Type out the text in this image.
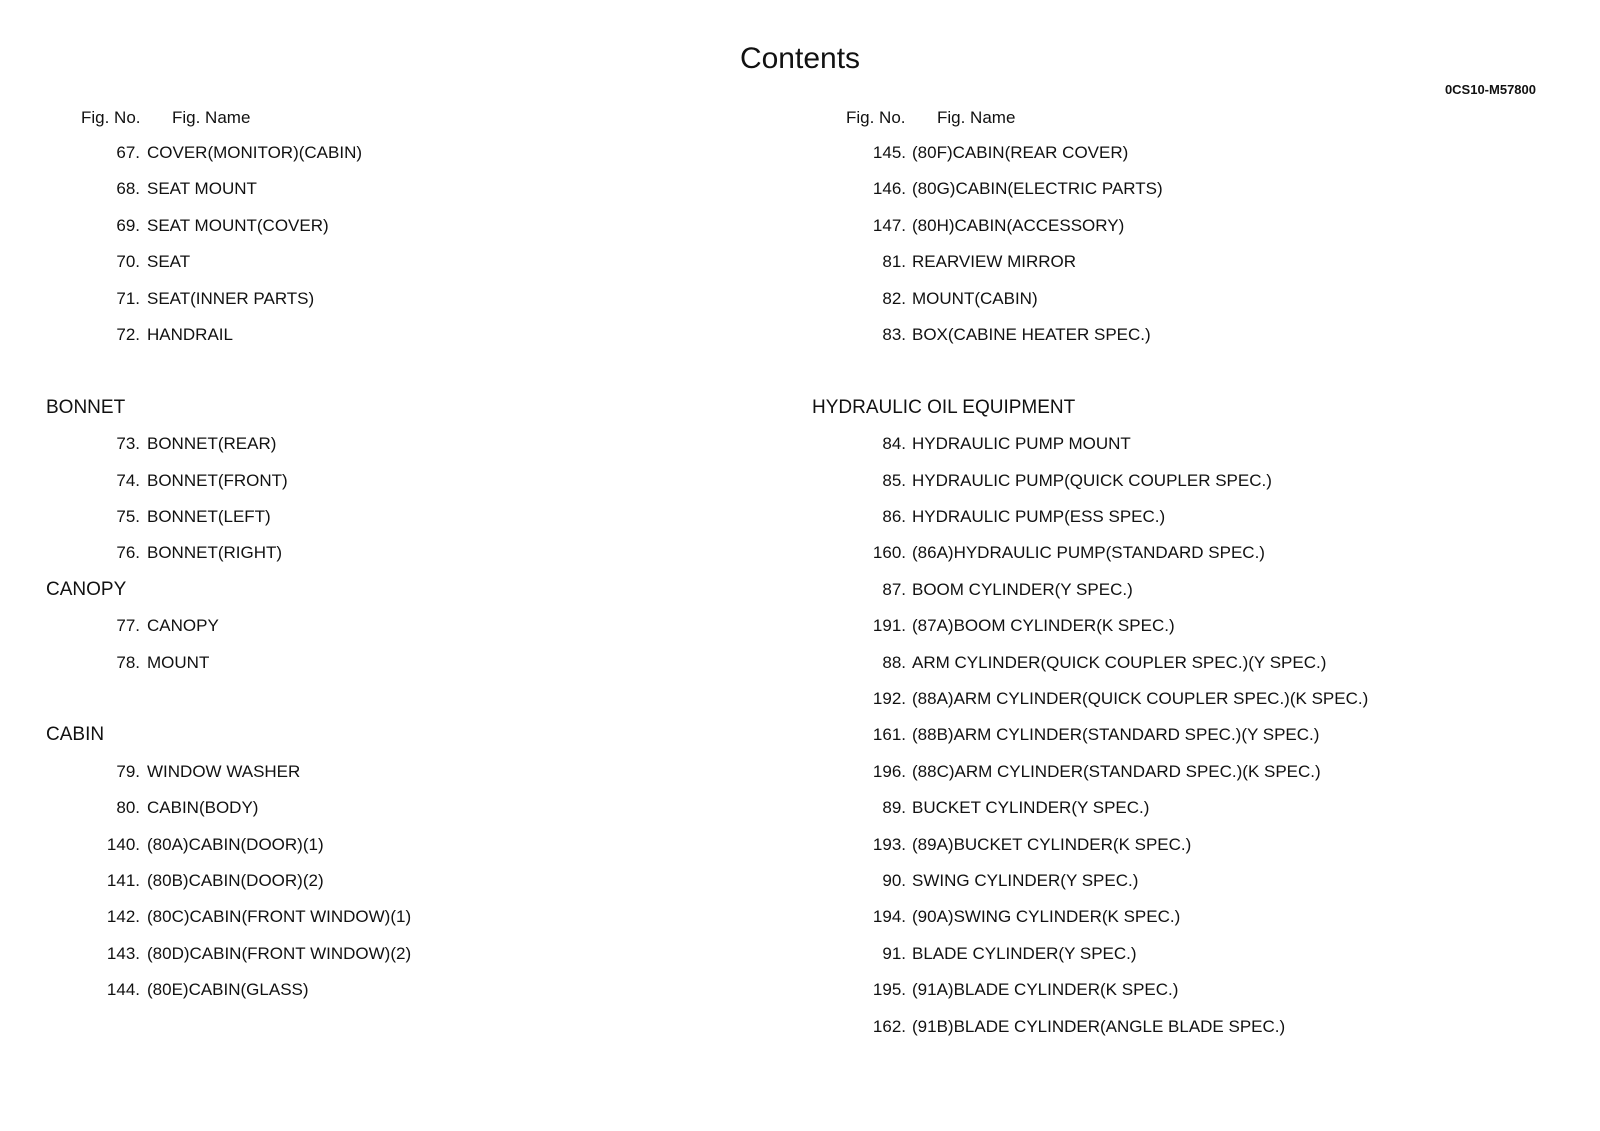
Contents
0CS10-M57800
Fig. No. Fig. Name	Fig. No. Fig. Name
67. COVER(MONITOR)(CABIN)
68. SEAT MOUNT
69. SEAT MOUNT(COVER)
70. SEAT
71. SEAT(INNER PARTS)
72. HANDRAIL
BONNET
73. BONNET(REAR)
74. BONNET(FRONT)
75. BONNET(LEFT)
76. BONNET(RIGHT)
CANOPY
77. CANOPY
78. MOUNT
CABIN
79. WINDOW WASHER
80. CABIN(BODY)
140. (80A)CABIN(DOOR)(1)
141. (80B)CABIN(DOOR)(2)
142. (80C)CABIN(FRONT WINDOW)(1)
143. (80D)CABIN(FRONT WINDOW)(2)
144. (80E)CABIN(GLASS)
145. (80F)CABIN(REAR COVER)
146. (80G)CABIN(ELECTRIC PARTS)
147. (80H)CABIN(ACCESSORY)
81. REARVIEW MIRROR
82. MOUNT(CABIN)
83. BOX(CABINE HEATER SPEC.)
HYDRAULIC OIL EQUIPMENT
84. HYDRAULIC PUMP MOUNT
85. HYDRAULIC PUMP(QUICK COUPLER SPEC.)
86. HYDRAULIC PUMP(ESS SPEC.)
160. (86A)HYDRAULIC PUMP(STANDARD SPEC.)
87. BOOM CYLINDER(Y SPEC.)
191. (87A)BOOM CYLINDER(K SPEC.)
88. ARM CYLINDER(QUICK COUPLER SPEC.)(Y SPEC.)
192. (88A)ARM CYLINDER(QUICK COUPLER SPEC.)(K SPEC.)
161. (88B)ARM CYLINDER(STANDARD SPEC.)(Y SPEC.)
196. (88C)ARM CYLINDER(STANDARD SPEC.)(K SPEC.)
89. BUCKET CYLINDER(Y SPEC.)
193. (89A)BUCKET CYLINDER(K SPEC.)
90. SWING CYLINDER(Y SPEC.)
194. (90A)SWING CYLINDER(K SPEC.)
91. BLADE CYLINDER(Y SPEC.)
195. (91A)BLADE CYLINDER(K SPEC.)
162. (91B)BLADE CYLINDER(ANGLE BLADE SPEC.)
